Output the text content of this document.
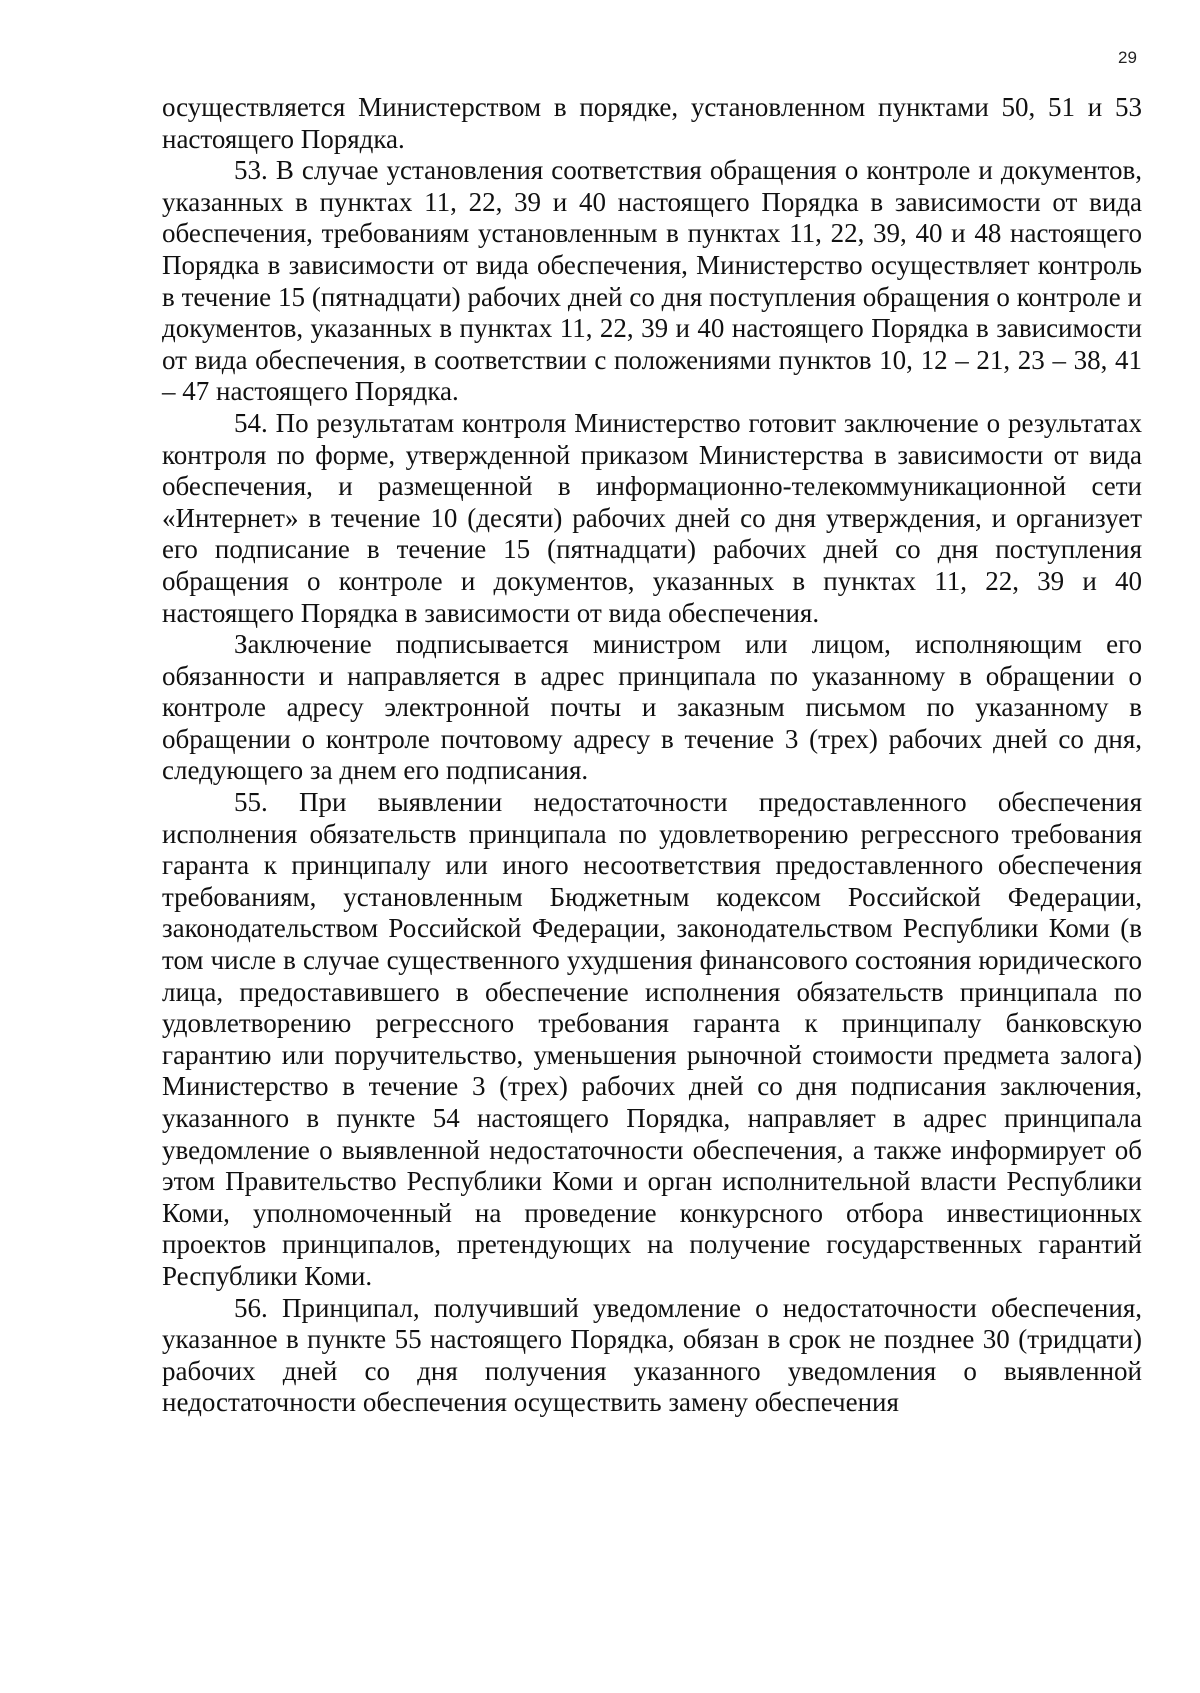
29

осуществляется Министерством в порядке, установленном пунктами 50, 51 и 53 настоящего Порядка.

53. В случае установления соответствия обращения о контроле и документов, указанных в пунктах 11, 22, 39 и 40 настоящего Порядка в зависимости от вида обеспечения, требованиям установленным в пунктах 11, 22, 39, 40 и 48 настоящего Порядка в зависимости от вида обеспечения, Министерство осуществляет контроль в течение 15 (пятнадцати) рабочих дней со дня поступления обращения о контроле и документов, указанных в пунктах 11, 22, 39 и 40 настоящего Порядка в зависимости от вида обеспечения, в соответствии с положениями пунктов 10, 12 – 21, 23 – 38, 41 – 47 настоящего Порядка.

54. По результатам контроля Министерство готовит заключение о результатах контроля по форме, утвержденной приказом Министерства в зависимости от вида обеспечения, и размещенной в информационно-телекоммуникационной сети «Интернет» в течение 10 (десяти) рабочих дней со дня утверждения, и организует его подписание в течение 15 (пятнадцати) рабочих дней со дня поступления обращения о контроле и документов, указанных в пунктах 11, 22, 39 и 40 настоящего Порядка в зависимости от вида обеспечения.

Заключение подписывается министром или лицом, исполняющим его обязанности и направляется в адрес принципала по указанному в обращении о контроле адресу электронной почты и заказным письмом по указанному в обращении о контроле почтовому адресу в течение 3 (трех) рабочих дней со дня, следующего за днем его подписания.

55. При выявлении недостаточности предоставленного обеспечения исполнения обязательств принципала по удовлетворению регрессного требования гаранта к принципалу или иного несоответствия предоставленного обеспечения требованиям, установленным Бюджетным кодексом Российской Федерации, законодательством Российской Федерации, законодательством Республики Коми (в том числе в случае существенного ухудшения финансового состояния юридического лица, предоставившего в обеспечение исполнения обязательств принципала по удовлетворению регрессного требования гаранта к принципалу банковскую гарантию или поручительство, уменьшения рыночной стоимости предмета залога) Министерство в течение 3 (трех) рабочих дней со дня подписания заключения, указанного в пункте 54 настоящего Порядка, направляет в адрес принципала уведомление о выявленной недостаточности обеспечения, а также информирует об этом Правительство Республики Коми и орган исполнительной власти Республики Коми, уполномоченный на проведение конкурсного отбора инвестиционных проектов принципалов, претендующих на получение государственных гарантий Республики Коми.

56. Принципал, получивший уведомление о недостаточности обеспечения, указанное в пункте 55 настоящего Порядка, обязан в срок не позднее 30 (тридцати) рабочих дней со дня получения указанного уведомления о выявленной недостаточности обеспечения осуществить замену обеспечения
